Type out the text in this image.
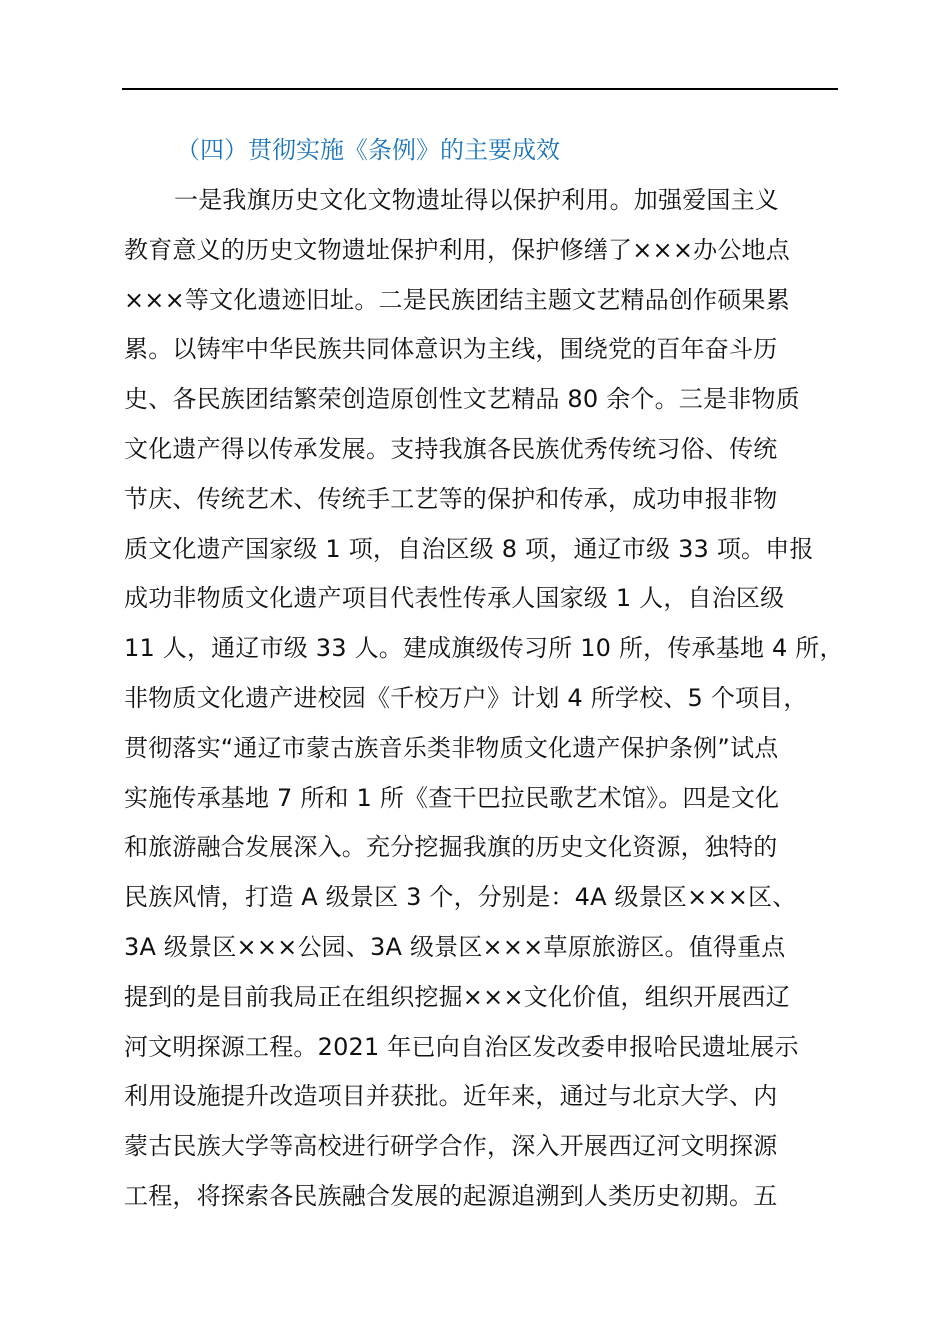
（四）贯彻实施《条例》的主要成效
一是我旗历史文化文物遗址得以保护利用。加强爱国主义
教育意义的历史文物遗址保护利用，保护修缮了×××办公地点
×××等文化遗迹旧址。二是民族团结主题文艺精品创作硕果累
累。以铸牢中华民族共同体意识为主线，围绕党的百年奋斗历
史、各民族团结繁荣创造原创性文艺精品 80 余个。三是非物质
文化遗产得以传承发展。支持我旗各民族优秀传统习俗、传统
节庆、传统艺术、传统手工艺等的保护和传承，成功申报非物
质文化遗产国家级 1 项，自治区级 8 项，通辽市级 33 项。申报
成功非物质文化遗产项目代表性传承人国家级 1 人，自治区级
11 人，通辽市级 33 人。建成旗级传习所 10 所，传承基地 4 所，
非物质文化遗产进校园《千校万户》计划 4 所学校、5 个项目，
贯彻落实“通辽市蒙古族音乐类非物质文化遗产保护条例”试点
实施传承基地 7 所和 1 所《查干巴拉民歌艺术馆》。四是文化
和旅游融合发展深入。充分挖掘我旗的历史文化资源，独特的
民族风情，打造 A 级景区 3 个，分别是：4A 级景区×××区、
3A 级景区×××公园、3A 级景区×××草原旅游区。值得重点
提到的是目前我局正在组织挖掘×××文化价值，组织开展西辽
河文明探源工程。2021 年已向自治区发改委申报哈民遗址展示
利用设施提升改造项目并获批。近年来，通过与北京大学、内
蒙古民族大学等高校进行研学合作，深入开展西辽河文明探源
工程，将探索各民族融合发展的起源追溯到人类历史初期。五
